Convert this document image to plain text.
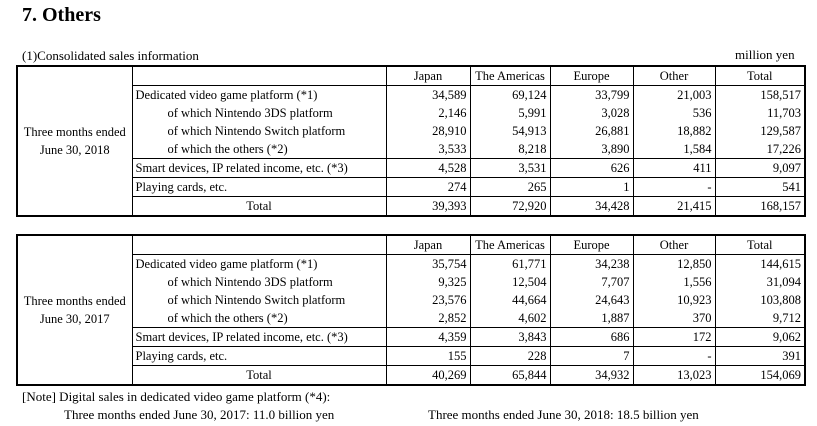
7. Others
(1)Consolidated sales information	million yen
Three months ended
June 30, 2018		Japan	The Americas	Europe	Other	Total
	Dedicated video game platform (*1)	34,589	69,124	33,799	21,003	158,517
	of which Nintendo 3DS platform	2,146	5,991	3,028	536	11,703
	of which Nintendo Switch platform	28,910	54,913	26,881	18,882	129,587
	of which the others (*2)	3,533	8,218	3,890	1,584	17,226
	Smart devices, IP related income, etc. (*3)	4,528	3,531	626	411	9,097
	Playing cards, etc.	274	265	1	-	541
	Total	39,393	72,920	34,428	21,415	168,157
Three months ended
June 30, 2017		Japan	The Americas	Europe	Other	Total
	Dedicated video game platform (*1)	35,754	61,771	34,238	12,850	144,615
	of which Nintendo 3DS platform	9,325	12,504	7,707	1,556	31,094
	of which Nintendo Switch platform	23,576	44,664	24,643	10,923	103,808
	of which the others (*2)	2,852	4,602	1,887	370	9,712
	Smart devices, IP related income, etc. (*3)	4,359	3,843	686	172	9,062
	Playing cards, etc.	155	228	7	-	391
	Total	40,269	65,844	34,932	13,023	154,069
[Note] Digital sales in dedicated video game platform (*4):
Three months ended June 30, 2017: 11.0 billion yen	Three months ended June 30, 2018: 18.5 billion yen
